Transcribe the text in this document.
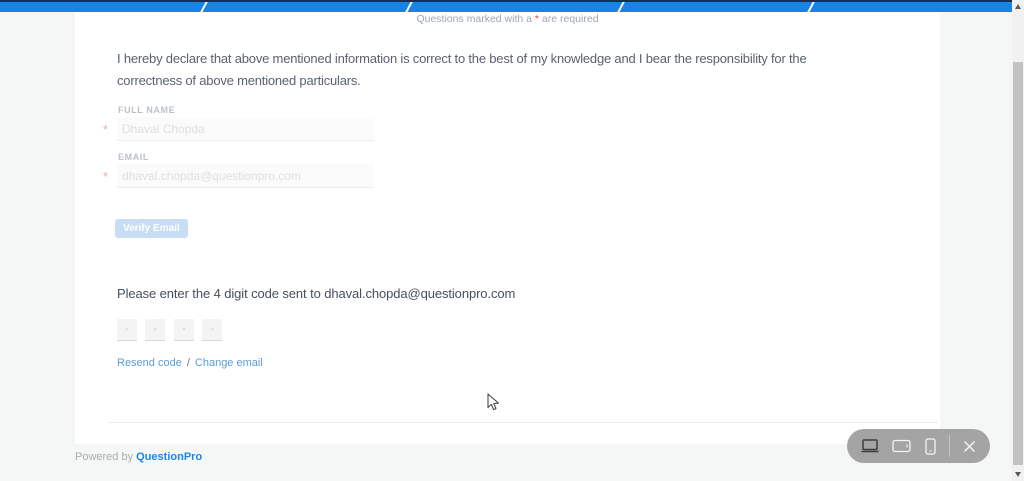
Questions marked with a * are required
I hereby declare that above mentioned information is correct to the best of my knowledge and I bear the responsibility for the correctness of above mentioned particulars.
FULL NAME
*
Dhaval Chopda
EMAIL
*
dhaval.chopda@questionpro.com
Verify Email
Please enter the 4 digit code sent to dhaval.chopda@questionpro.com
-	-	-	-
Resend code / Change email
Powered by QuestionPro
